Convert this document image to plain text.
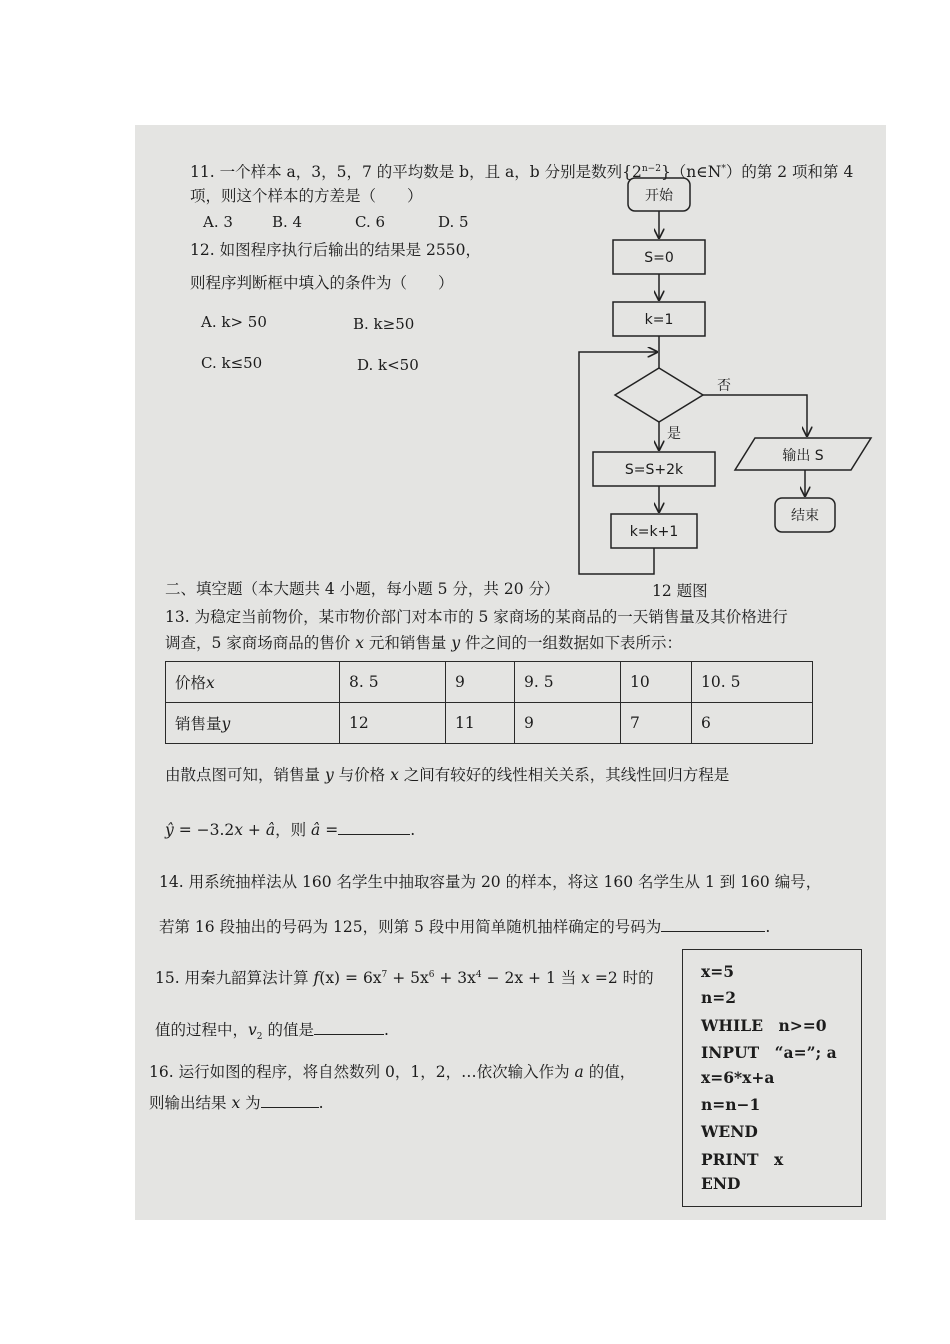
11. 一个样本 a，3，5，7 的平均数是 b，且 a，b 分别是数列$\{2^{n-2}\}(n\in N^*)$的第 2 项和第 4
项，则这个样本的方差是（　　）
A. 3	B. 4	C. 6	D. 5
12. 如图程序执行后输出的结果是 2550，
则程序判断框中填入的条件为（　　）
A. k> 50	B. k≥50
C. k≤50	D. k<50
开始
S=0
k=1
否
是
S=S+2k
k=k+1
输出 S
结束
二、填空题（本大题共 4 小题，每小题 5 分，共 20 分）	12 题图
13. 为稳定当前物价，某市物价部门对本市的 5 家商场的某商品的一天销售量及其价格进行
调查，5 家商场商品的售价 x 元和销售量 y 件之间的一组数据如下表所示：
价格x	8. 5	9	9. 5	10	10. 5
销售量y	12	11	9	7	6
由散点图可知，销售量 y 与价格 x 之间有较好的线性相关关系，其线性回归方程是
ŷ = −3.2x + â，则 â =	.
14. 用系统抽样法从 160 名学生中抽取容量为 20 的样本，将这 160 名学生从 1 到 160 编号，
若第 16 段抽出的号码为 125，则第 5 段中用简单随机抽样确定的号码为	.
15. 用秦九韶算法计算 $f(x) = 6x^7 + 5x^6 + 3x^4 - 2x + 1$ 当 x =2 时的
值的过程中，$v_2$ 的值是	.
16. 运行如图的程序，将自然数列 0，1，2，…依次输入作为 a 的值，
则输出结果 x 为	.
x=5
n=2
WHILE　n>=0
INPUT　“a=”; a
x=6*x+a
n=n−1
WEND
PRINT　x
END
